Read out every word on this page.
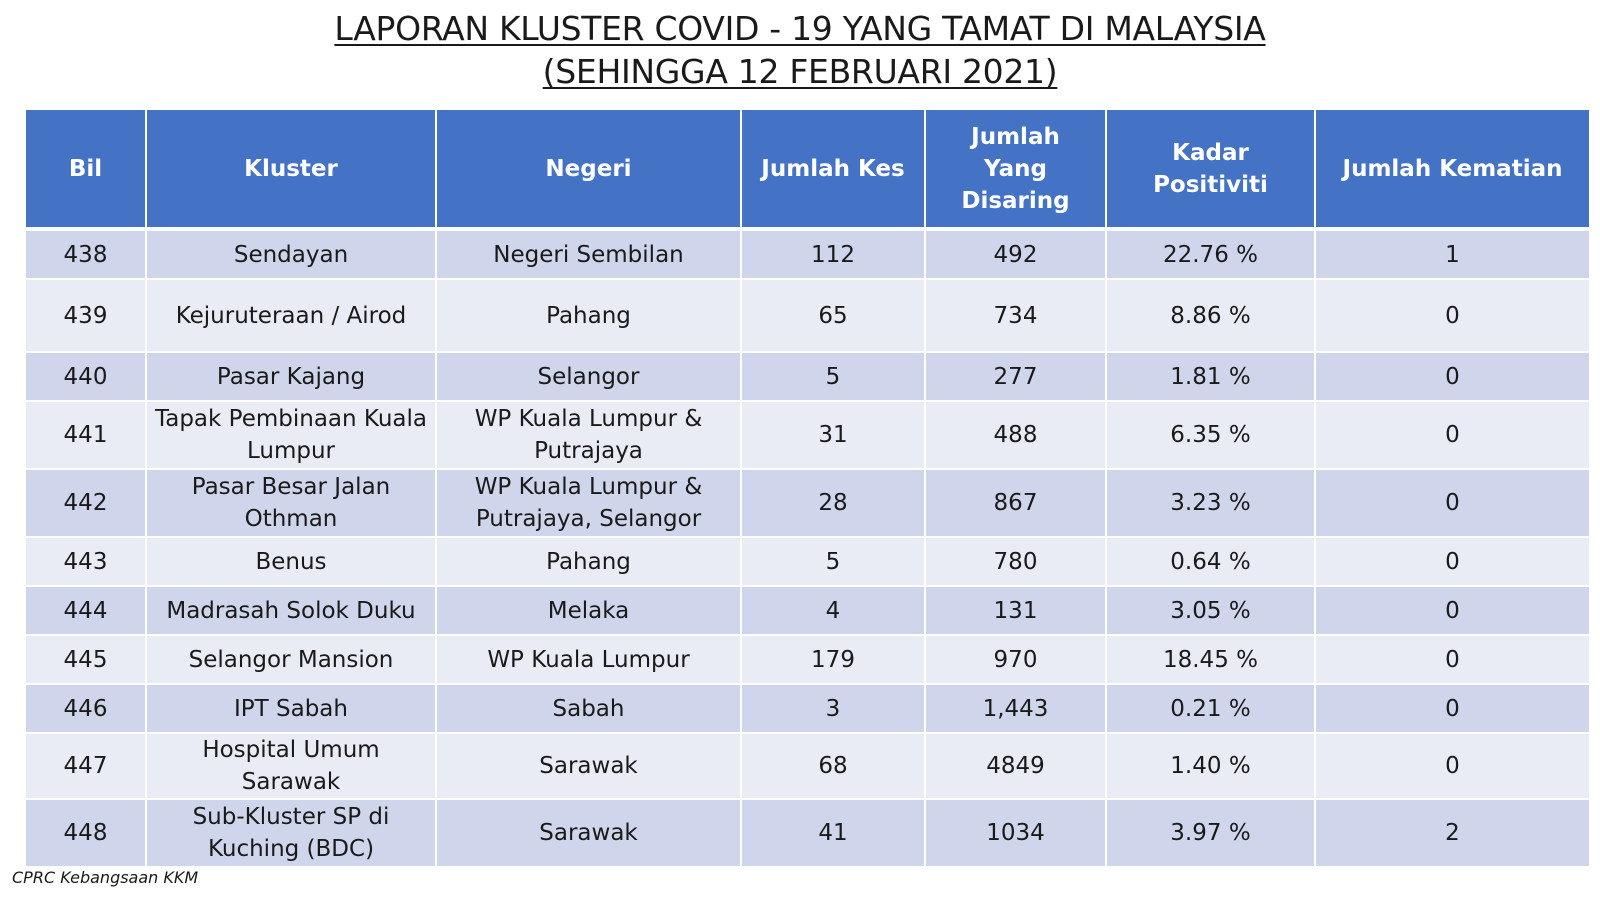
LAPORAN KLUSTER COVID - 19 YANG TAMAT DI MALAYSIA
(SEHINGGA 12 FEBRUARI 2021)
Bil	Kluster	Negeri	Jumlah Kes	Jumlah Yang Disaring	Kadar Positiviti	Jumlah Kematian
438	Sendayan	Negeri Sembilan	112	492	22.76 %	1
439	Kejuruteraan / Airod	Pahang	65	734	8.86 %	0
440	Pasar Kajang	Selangor	5	277	1.81 %	0
441	Tapak Pembinaan Kuala Lumpur	WP Kuala Lumpur & Putrajaya	31	488	6.35 %	0
442	Pasar Besar Jalan Othman	WP Kuala Lumpur & Putrajaya, Selangor	28	867	3.23 %	0
443	Benus	Pahang	5	780	0.64 %	0
444	Madrasah Solok Duku	Melaka	4	131	3.05 %	0
445	Selangor Mansion	WP Kuala Lumpur	179	970	18.45 %	0
446	IPT Sabah	Sabah	3	1,443	0.21 %	0
447	Hospital Umum Sarawak	Sarawak	68	4849	1.40 %	0
448	Sub-Kluster SP di Kuching (BDC)	Sarawak	41	1034	3.97 %	2
CPRC Kebangsaan KKM
